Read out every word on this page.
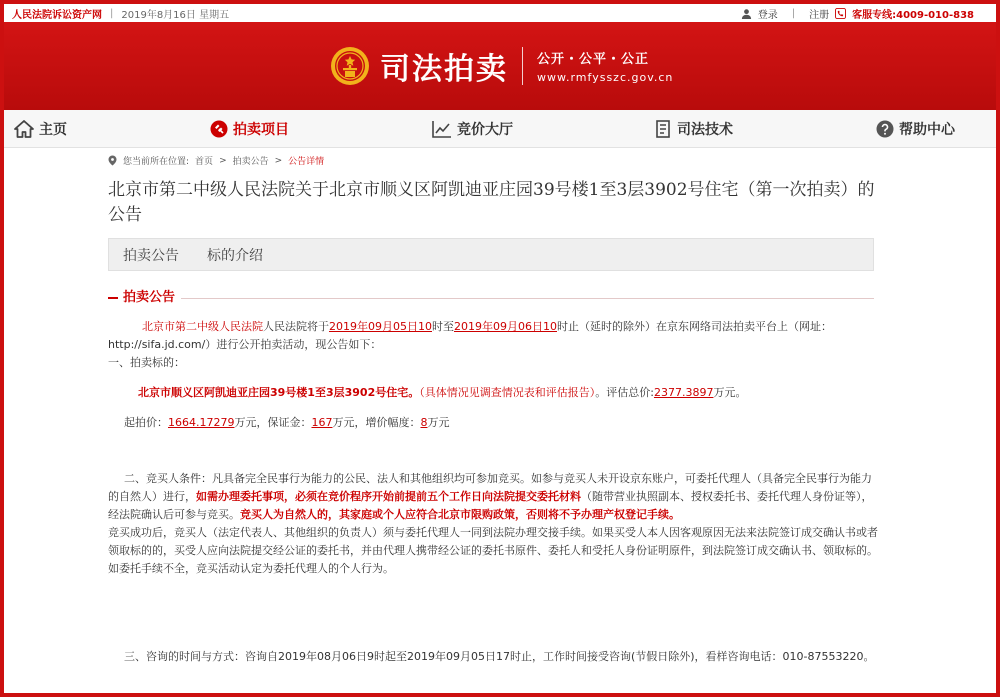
人民法院诉讼资产网 | 2019年8月16日 星期五	登录 | 注册 客服专线:4009-010-838
司法拍卖 公开・公平・公正
www.rmfysszc.gov.cn
主页	拍卖项目	竞价大厅	司法技术	帮助中心
您当前所在位置: 首页 > 拍卖公告 > 公告详情
北京市第二中级人民法院关于北京市顺义区阿凯迪亚庄园39号楼1至3层3902号住宅（第一次拍卖）的公告
拍卖公告 标的介绍
拍卖公告
北京市第二中级人民法院人民法院将于2019年09月05日10时至2019年09月06日10时止（延时的除外）在京东网络司法拍卖平台上（网址：http://sifa.jd.com/）进行公开拍卖活动，现公告如下：
一、拍卖标的：
北京市顺义区阿凯迪亚庄园39号楼1至3层3902号住宅。（具体情况见调查情况表和评估报告）。评估总价:2377.3897万元。
起拍价：1664.17279万元，保证金：167万元，增价幅度：8万元
二、竞买人条件：凡具备完全民事行为能力的公民、法人和其他组织均可参加竞买。如参与竞买人未开设京东账户，可委托代理人（具备完全民事行为能力的自然人）进行，如需办理委托事项，必须在竞价程序开始前提前五个工作日向法院提交委托材料（随带营业执照副本、授权委托书、委托代理人身份证等），经法院确认后可参与竞买。竞买人为自然人的，其家庭或个人应符合北京市限购政策，否则将不予办理产权登记手续。
竞买成功后，竞买人（法定代表人、其他组织的负责人）须与委托代理人一同到法院办理交接手续。如果买受人本人因客观原因无法来法院签订成交确认书或者领取标的的，买受人应向法院提交经公证的委托书，并由代理人携带经公证的委托书原件、委托人和受托人身份证明原件，到法院签订成交确认书、领取标的。如委托手续不全，竞买活动认定为委托代理人的个人行为。
三、咨询的时间与方式：咨询自2019年08月06日9时起至2019年09月05日17时止，工作时间接受咨询(节假日除外)，看样咨询电话：010-87553220。
